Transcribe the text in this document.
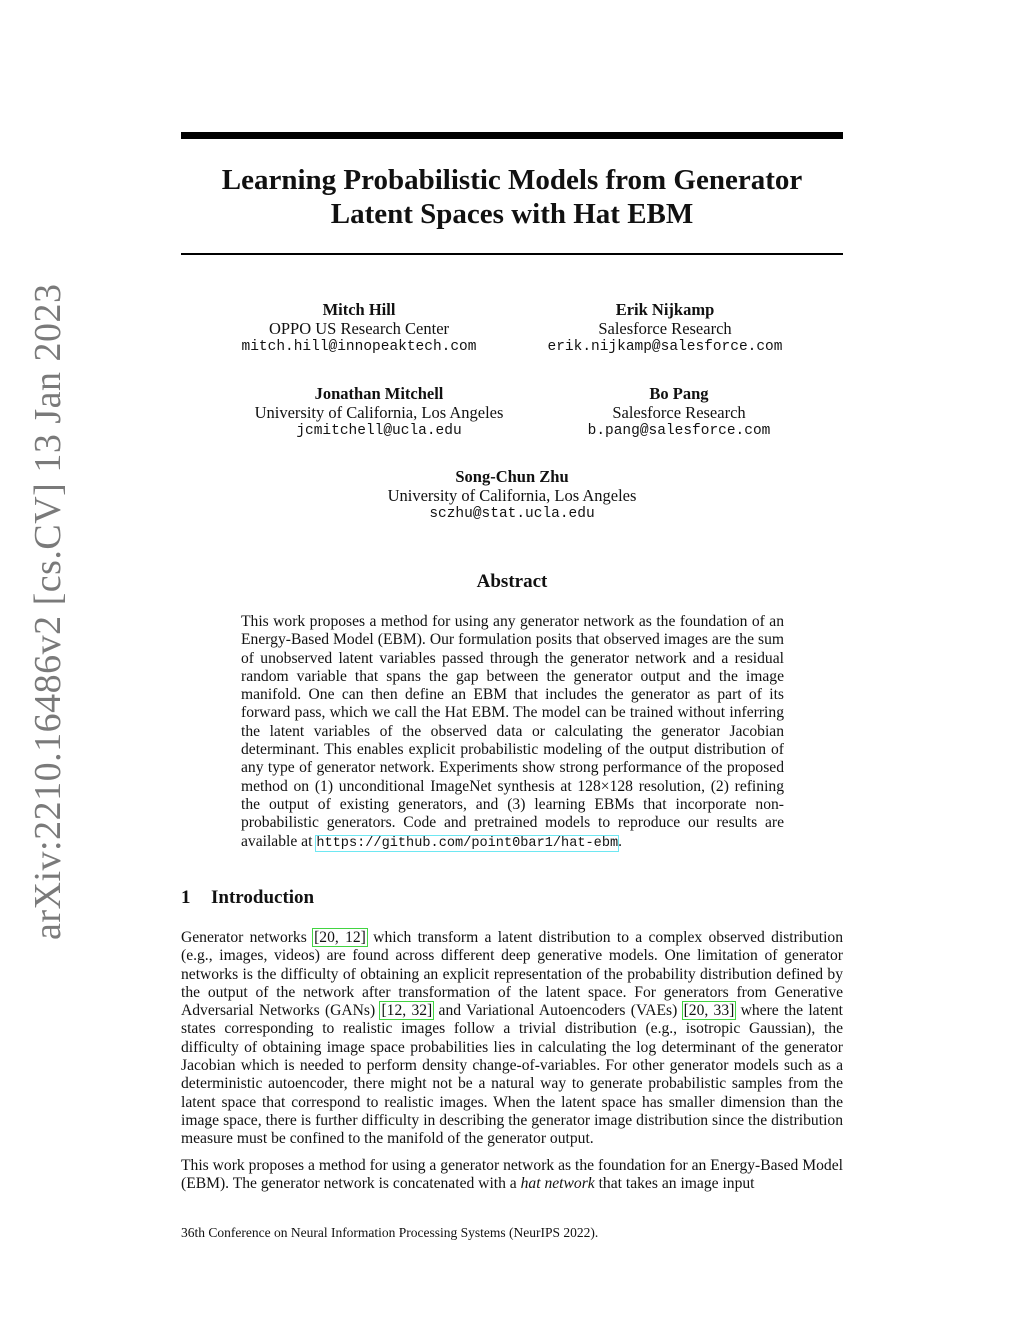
arXiv:2210.16486v2 [cs.CV] 13 Jan 2023
Learning Probabilistic Models from Generator
Latent Spaces with Hat EBM
Mitch Hill
OPPO US Research Center
mitch.hill@innopeaktech.com
Erik Nijkamp
Salesforce Research
erik.nijkamp@salesforce.com
Jonathan Mitchell
University of California, Los Angeles
jcmitchell@ucla.edu
Bo Pang
Salesforce Research
b.pang@salesforce.com
Song-Chun Zhu
University of California, Los Angeles
sczhu@stat.ucla.edu
Abstract
This work proposes a method for using any generator network as the foundation of an Energy-Based Model (EBM). Our formulation posits that observed images are the sum of unobserved latent variables passed through the generator network and a residual random variable that spans the gap between the generator output and the image manifold. One can then define an EBM that includes the generator as part of its forward pass, which we call the Hat EBM. The model can be trained without inferring the latent variables of the observed data or calculating the generator Jacobian determinant. This enables explicit probabilistic modeling of the output distribution of any type of generator network. Experiments show strong performance of the proposed method on (1) unconditional ImageNet synthesis at 128×128 resolution, (2) refining the output of existing generators, and (3) learning EBMs that incorporate non-probabilistic generators. Code and pretrained models to reproduce our results are available at https://github.com/point0bar1/hat-ebm.
1 Introduction
Generator networks [20, 12] which transform a latent distribution to a complex observed distribution (e.g., images, videos) are found across different deep generative models. One limitation of generator networks is the difficulty of obtaining an explicit representation of the probability distribution defined by the output of the network after transformation of the latent space. For generators from Generative Adversarial Networks (GANs) [12, 32] and Variational Autoencoders (VAEs) [20, 33] where the latent states corresponding to realistic images follow a trivial distribution (e.g., isotropic Gaussian), the difficulty of obtaining image space probabilities lies in calculating the log determinant of the generator Jacobian which is needed to perform density change-of-variables. For other generator models such as a deterministic autoencoder, there might not be a natural way to generate probabilistic samples from the latent space that correspond to realistic images. When the latent space has smaller dimension than the image space, there is further difficulty in describing the generator image distribution since the distribution measure must be confined to the manifold of the generator output.
This work proposes a method for using a generator network as the foundation for an Energy-Based Model (EBM). The generator network is concatenated with a hat network that takes an image input
36th Conference on Neural Information Processing Systems (NeurIPS 2022).
